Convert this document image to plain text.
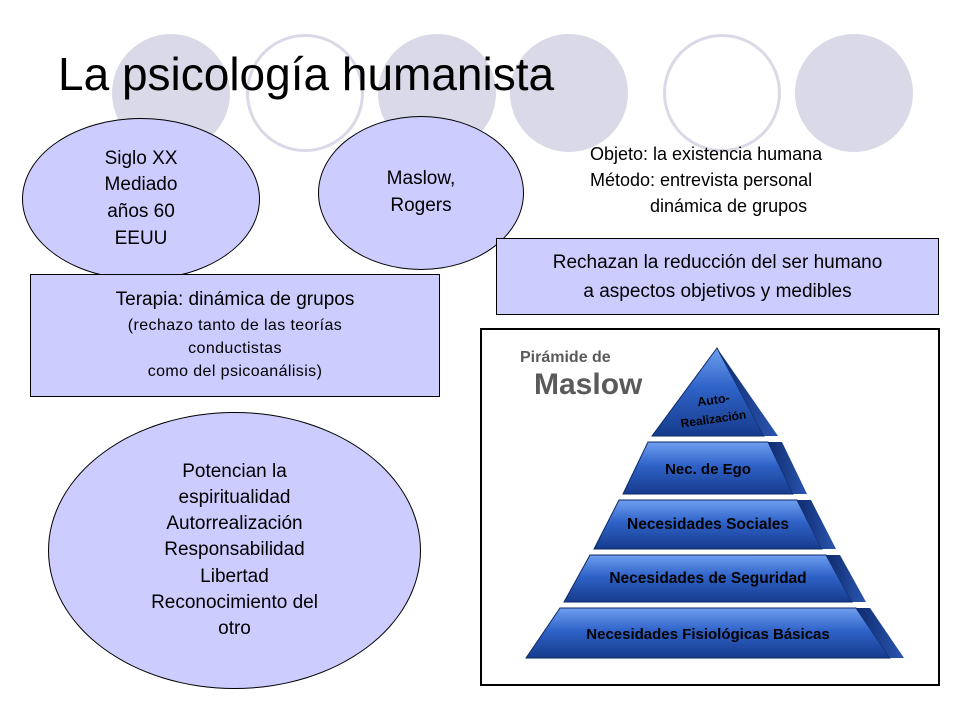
La psicología humanista
Siglo XX
Mediado
años 60
EEUU
Maslow,
Rogers
Objeto: la existencia humana
Método: entrevista personal
dinámica de grupos
Rechazan la reducción del ser humano
a aspectos objetivos y medibles
Terapia: dinámica de grupos
(rechazo tanto de las teorías
conductistas
como del psicoanálisis)
Potencian la
espiritualidad
Autorrealización
Responsabilidad
Libertad
Reconocimiento del
otro
Pirámide de
Maslow	Auto-
Realización
Nec. de Ego
Necesidades Sociales
Necesidades de Seguridad
Necesidades Fisiológicas Básicas
